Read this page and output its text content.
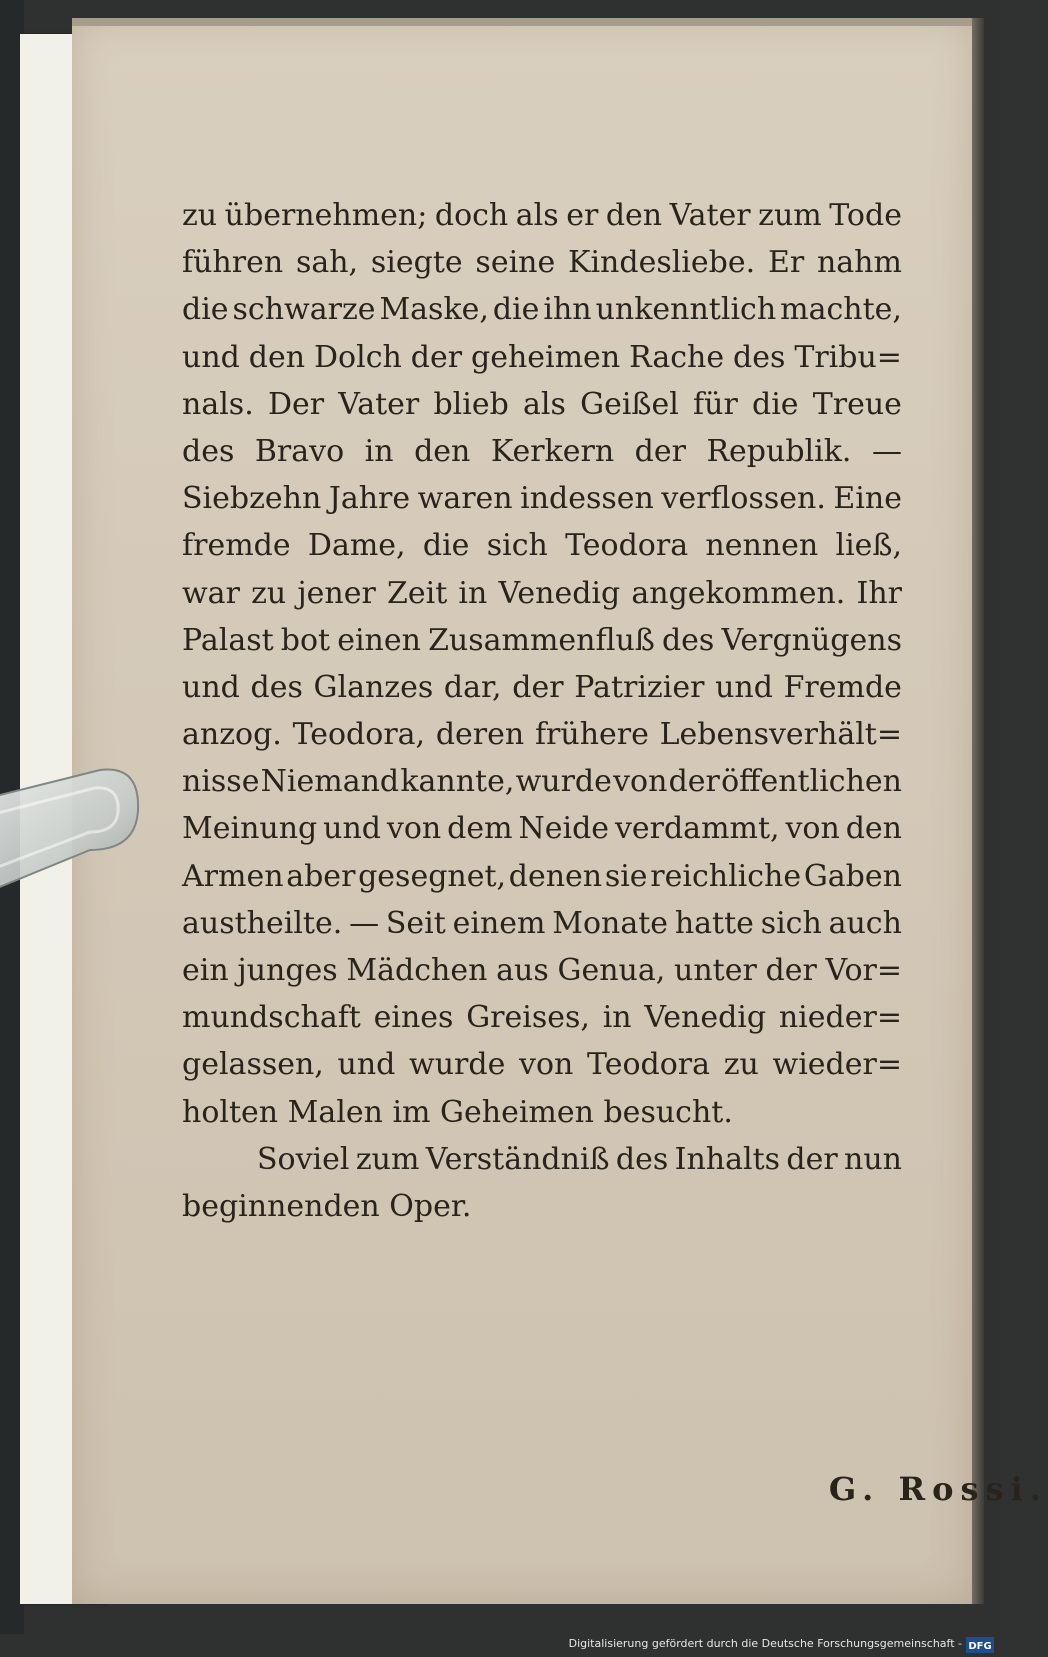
zu übernehmen; doch als er den Vater zum Tode
führen sah, siegte seine Kindesliebe. Er nahm
die schwarze Maske, die ihn unkenntlich machte,
und den Dolch der geheimen Rache des Tribu=
nals. Der Vater blieb als Geißel für die Treue
des Bravo in den Kerkern der Republik. —
Siebzehn Jahre waren indessen verflossen. Eine
fremde Dame, die sich Teodora nennen ließ,
war zu jener Zeit in Venedig angekommen. Ihr
Palast bot einen Zusammenfluß des Vergnügens
und des Glanzes dar, der Patrizier und Fremde
anzog. Teodora, deren frühere Lebensverhält=
nisse Niemand kannte, wurde von der öffentlichen
Meinung und von dem Neide verdammt, von den
Armen aber gesegnet, denen sie reichliche Gaben
austheilte. — Seit einem Monate hatte sich auch
ein junges Mädchen aus Genua, unter der Vor=
mundschaft eines Greises, in Venedig nieder=
gelassen, und wurde von Teodora zu wieder=
holten Malen im Geheimen besucht.
Soviel zum Verständniß des Inhalts der nun
beginnenden Oper.
G. Rossi.
Digitalisierung gefördert durch die Deutsche Forschungsgemeinschaft - DFG
